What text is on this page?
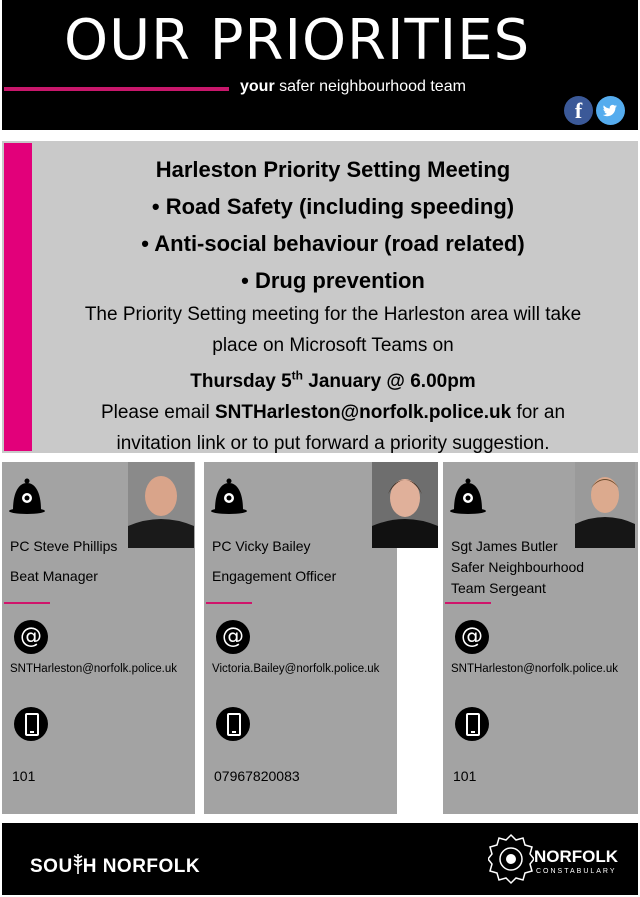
OUR PRIORITIES
your safer neighbourhood team
f
Harleston Priority Setting Meeting
• Road Safety (including speeding)
• Anti-social behaviour (road related)
• Drug prevention
The Priority Setting meeting for the Harleston area will take
place on Microsoft Teams on
Thursday 5th January @ 6.00pm
Please email SNTHarleston@norfolk.police.uk for an
invitation link or to put forward a priority suggestion.
PC Steve Phillips
Beat Manager
@
SNTHarleston@norfolk.police.uk
101
PC Vicky Bailey
Engagement Officer
@
Victoria.Bailey@norfolk.police.uk
07967820083
Sgt James Butler
Safer Neighbourhood
Team Sergeant
@
SNTHarleston@norfolk.police.uk
101
SOU H NORFOLK	NORFOLK
CONSTABULARY
